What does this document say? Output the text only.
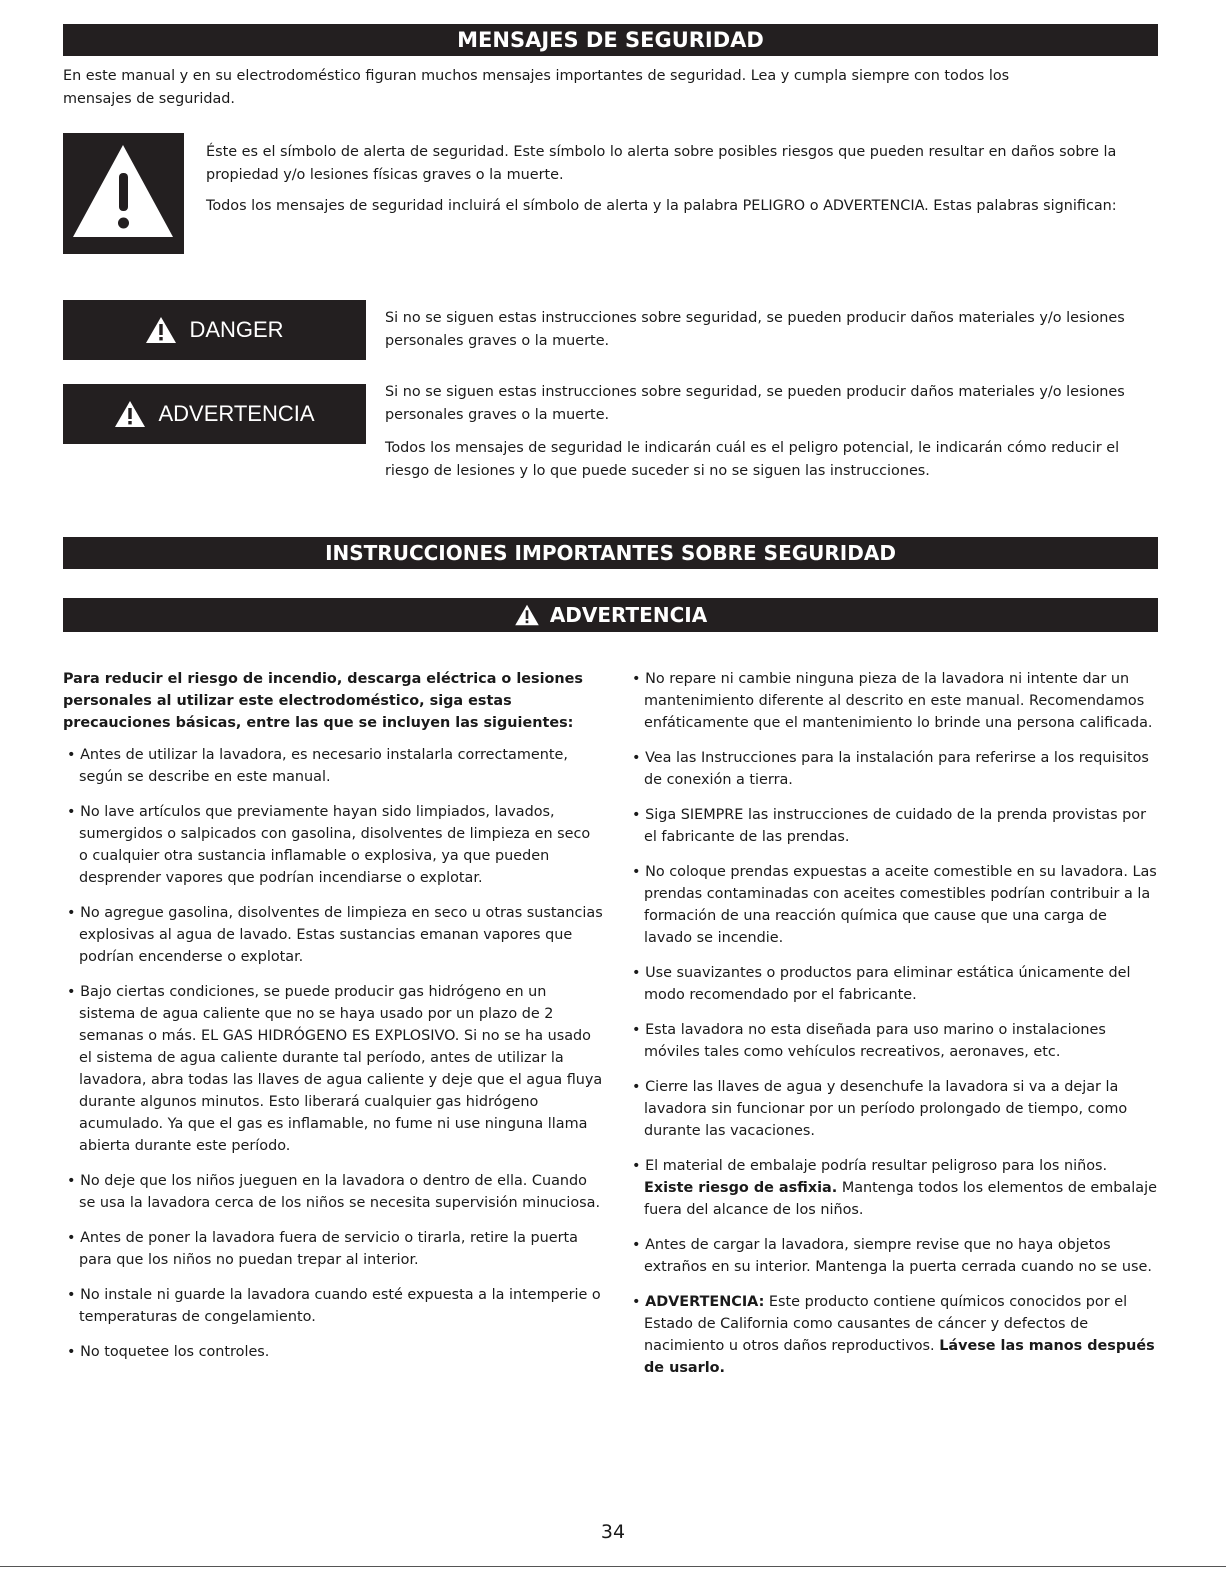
MENSAJES DE SEGURIDAD
En este manual y en su electrodoméstico figuran muchos mensajes importantes de seguridad. Lea y cumpla siempre con todos los mensajes de seguridad.

Éste es el símbolo de alerta de seguridad. Este símbolo lo alerta sobre posibles riesgos que pueden resultar en daños sobre la propiedad y/o lesiones físicas graves o la muerte.

Todos los mensajes de seguridad incluirá el símbolo de alerta y la palabra PELIGRO o ADVERTENCIA. Estas palabras significan:

DANGER	Si no se siguen estas instrucciones sobre seguridad, se pueden producir daños materiales y/o lesiones personales graves o la muerte.

ADVERTENCIA

Si no se siguen estas instrucciones sobre seguridad, se pueden producir daños materiales y/o lesiones personales graves o la muerte.

Todos los mensajes de seguridad le indicarán cuál es el peligro potencial, le indicarán cómo reducir el riesgo de lesiones y lo que puede suceder si no se siguen las instrucciones.

INSTRUCCIONES IMPORTANTES SOBRE SEGURIDAD
ADVERTENCIA

Para reducir el riesgo de incendio, descarga eléctrica o lesiones personales al utilizar este electrodoméstico, siga estas precauciones básicas, entre las que se incluyen las siguientes:

• Antes de utilizar la lavadora, es necesario instalarla correctamente, según se describe en este manual.

• No lave artículos que previamente hayan sido limpiados, lavados, sumergidos o salpicados con gasolina, disolventes de limpieza en seco o cualquier otra sustancia inflamable o explosiva, ya que pueden desprender vapores que podrían incendiarse o explotar.

• No agregue gasolina, disolventes de limpieza en seco u otras sustancias explosivas al agua de lavado. Estas sustancias emanan vapores que podrían encenderse o explotar.

• Bajo ciertas condiciones, se puede producir gas hidrógeno en un sistema de agua caliente que no se haya usado por un plazo de 2 semanas o más. EL GAS HIDRÓGENO ES EXPLOSIVO. Si no se ha usado el sistema de agua caliente durante tal período, antes de utilizar la lavadora, abra todas las llaves de agua caliente y deje que el agua fluya durante algunos minutos. Esto liberará cualquier gas hidrógeno acumulado. Ya que el gas es inflamable, no fume ni use ninguna llama abierta durante este período.

• No deje que los niños jueguen en la lavadora o dentro de ella. Cuando se usa la lavadora cerca de los niños se necesita supervisión minuciosa.

• Antes de poner la lavadora fuera de servicio o tirarla, retire la puerta para que los niños no puedan trepar al interior.

• No instale ni guarde la lavadora cuando esté expuesta a la intemperie o temperaturas de congelamiento.

• No toquetee los controles.

• No repare ni cambie ninguna pieza de la lavadora ni intente dar un mantenimiento diferente al descrito en este manual. Recomendamos enfáticamente que el mantenimiento lo brinde una persona calificada.

• Vea las Instrucciones para la instalación para referirse a los requisitos de conexión a tierra.

• Siga SIEMPRE las instrucciones de cuidado de la prenda provistas por el fabricante de las prendas.

• No coloque prendas expuestas a aceite comestible en su lavadora. Las prendas contaminadas con aceites comestibles podrían contribuir a la formación de una reacción química que cause que una carga de lavado se incendie.

• Use suavizantes o productos para eliminar estática únicamente del modo recomendado por el fabricante.

• Esta lavadora no esta diseñada para uso marino o instalaciones móviles tales como vehículos recreativos, aeronaves, etc.

• Cierre las llaves de agua y desenchufe la lavadora si va a dejar la lavadora sin funcionar por un período prolongado de tiempo, como durante las vacaciones.

• El material de embalaje podría resultar peligroso para los niños. Existe riesgo de asfixia. Mantenga todos los elementos de embalaje fuera del alcance de los niños.

• Antes de cargar la lavadora, siempre revise que no haya objetos extraños en su interior. Mantenga la puerta cerrada cuando no se use.

• ADVERTENCIA: Este producto contiene químicos conocidos por el Estado de California como causantes de cáncer y defectos de nacimiento u otros daños reproductivos. Lávese las manos después de usarlo.

34
